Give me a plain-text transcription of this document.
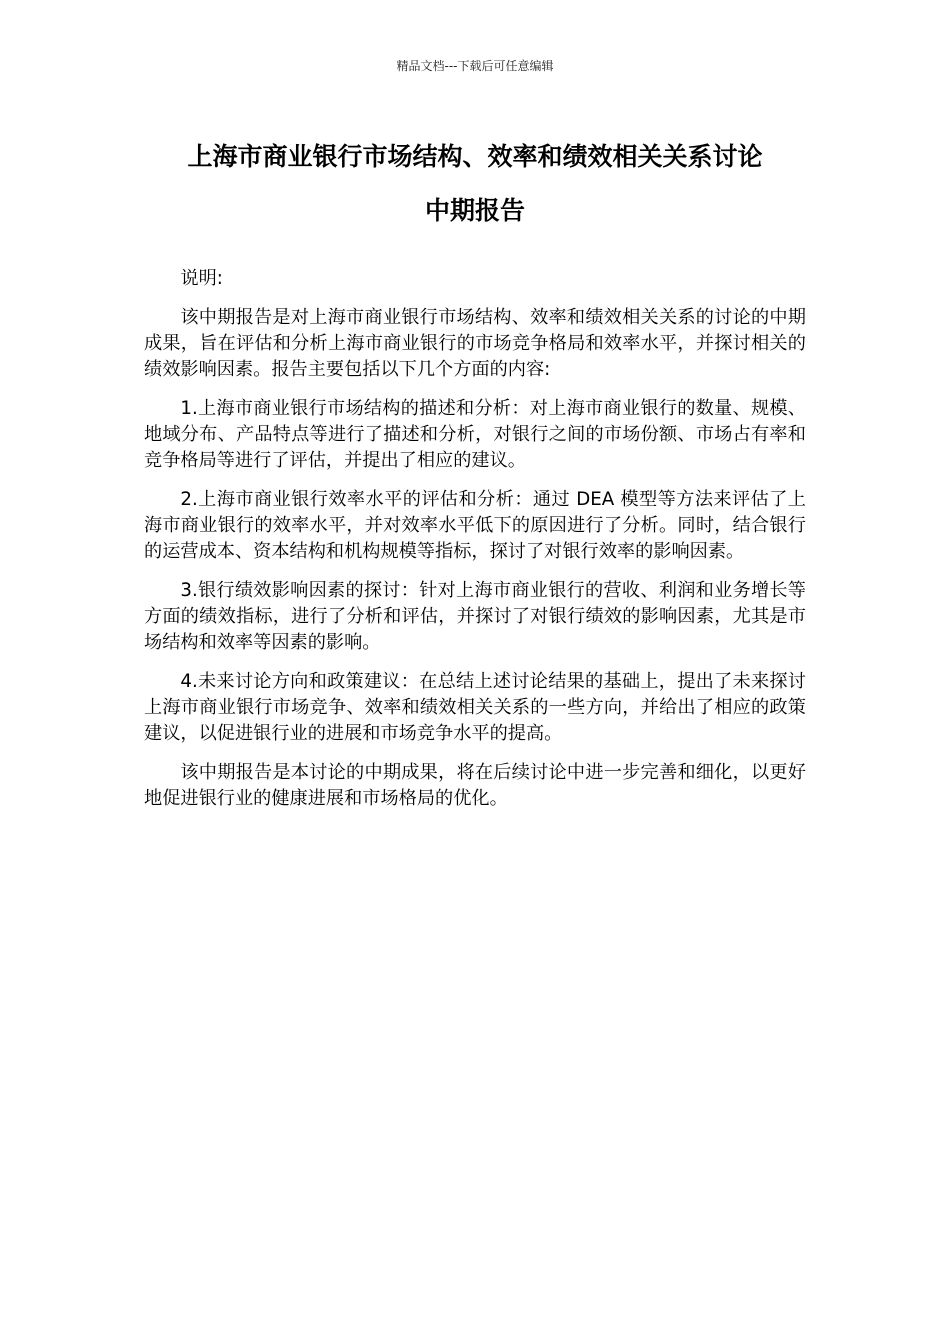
精品文档---下载后可任意编辑
上海市商业银行市场结构、效率和绩效相关关系讨论
中期报告

说明:

该中期报告是对上海市商业银行市场结构、效率和绩效相关关系的讨论的中期成果，旨在评估和分析上海市商业银行的市场竞争格局和效率水平，并探讨相关的绩效影响因素。报告主要包括以下几个方面的内容:

1.上海市商业银行市场结构的描述和分析：对上海市商业银行的数量、规模、地域分布、产品特点等进行了描述和分析，对银行之间的市场份额、市场占有率和竞争格局等进行了评估，并提出了相应的建议。

2.上海市商业银行效率水平的评估和分析：通过 DEA 模型等方法来评估了上海市商业银行的效率水平，并对效率水平低下的原因进行了分析。同时，结合银行的运营成本、资本结构和机构规模等指标，探讨了对银行效率的影响因素。

3.银行绩效影响因素的探讨：针对上海市商业银行的营收、利润和业务增长等方面的绩效指标，进行了分析和评估，并探讨了对银行绩效的影响因素，尤其是市场结构和效率等因素的影响。

4.未来讨论方向和政策建议：在总结上述讨论结果的基础上，提出了未来探讨上海市商业银行市场竞争、效率和绩效相关关系的一些方向，并给出了相应的政策建议，以促进银行业的进展和市场竞争水平的提高。

该中期报告是本讨论的中期成果，将在后续讨论中进一步完善和细化，以更好地促进银行业的健康进展和市场格局的优化。
